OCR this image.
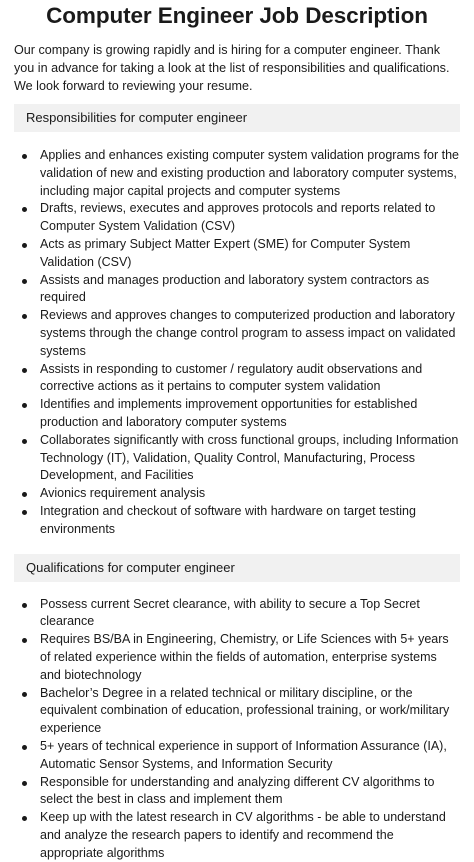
Computer Engineer Job Description

Our company is growing rapidly and is hiring for a computer engineer. Thank you in advance for taking a look at the list of responsibilities and qualifications. We look forward to reviewing your resume.

Responsibilities for computer engineer
Applies and enhances existing computer system validation programs for the validation of new and existing production and laboratory computer systems, including major capital projects and computer systems
Drafts, reviews, executes and approves protocols and reports related to Computer System Validation (CSV)
Acts as primary Subject Matter Expert (SME) for Computer System Validation (CSV)
Assists and manages production and laboratory system contractors as required
Reviews and approves changes to computerized production and laboratory systems through the change control program to assess impact on validated systems
Assists in responding to customer / regulatory audit observations and corrective actions as it pertains to computer system validation
Identifies and implements improvement opportunities for established production and laboratory computer systems
Collaborates significantly with cross functional groups, including Information Technology (IT), Validation, Quality Control, Manufacturing, Process Development, and Facilities
Avionics requirement analysis
Integration and checkout of software with hardware on target testing environments
Qualifications for computer engineer
Possess current Secret clearance, with ability to secure a Top Secret clearance
Requires BS/BA in Engineering, Chemistry, or Life Sciences with 5+ years of related experience within the fields of automation, enterprise systems and biotechnology
Bachelor’s Degree in a related technical or military discipline, or the equivalent combination of education, professional training, or work/military experience
5+ years of technical experience in support of Information Assurance (IA), Automatic Sensor Systems, and Information Security
Responsible for understanding and analyzing different CV algorithms to select the best in class and implement them
Keep up with the latest research in CV algorithms - be able to understand and analyze the research papers to identify and recommend the appropriate algorithms
